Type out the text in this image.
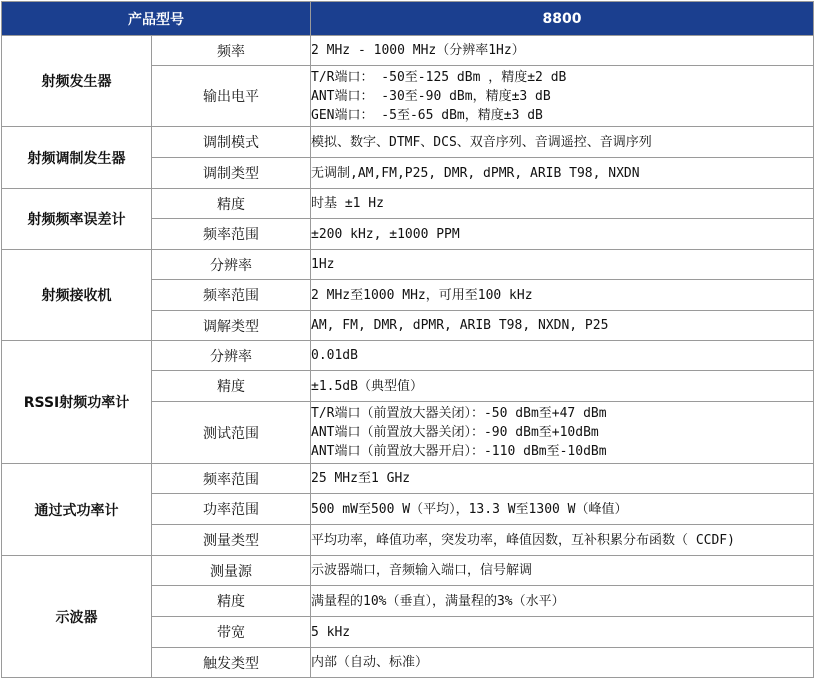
产品型号		8800
射频发生器	频率	2 MHz - 1000 MHz（分辨率1Hz）

	输出电平	T/R端口： -50至-125 dBm ，精度±2 dB
ANT端口： -30至-90 dBm，精度±3 dB
GEN端口： -5至-65 dBm，精度±3 dB

射频调制发生器	调制模式	模拟、数字、DTMF、DCS、双音序列、音调遥控、音调序列

	调制类型	无调制,AM,FM,P25, DMR, dPMR, ARIB T98, NXDN

射频频率误差计	精度	时基 ±1 Hz

	频率范围	±200 kHz, ±1000 PPM

射频接收机	分辨率	1Hz

	频率范围	2 MHz至1000 MHz，可用至100 kHz

	调解类型	AM, FM, DMR, dPMR, ARIB T98, NXDN, P25

RSSI射频功率计	分辨率	0.01dB

	精度	±1.5dB（典型值）

	测试范围	T/R端口（前置放大器关闭）：-50 dBm至+47 dBm
ANT端口（前置放大器关闭）：-90 dBm至+10dBm
ANT端口（前置放大器开启）：-110 dBm至-10dBm

通过式功率计	频率范围	25 MHz至1 GHz

	功率范围	500 mW至500 W（平均），13.3 W至1300 W（峰值）

	测量类型	平均功率，峰值功率，突发功率，峰值因数，互补积累分布函数（ CCDF)

示波器	测量源	示波器端口，音频输入端口，信号解调

	精度	满量程的10%（垂直），满量程的3%（水平）

	带宽	5 kHz

	触发类型	内部（自动、标准）
